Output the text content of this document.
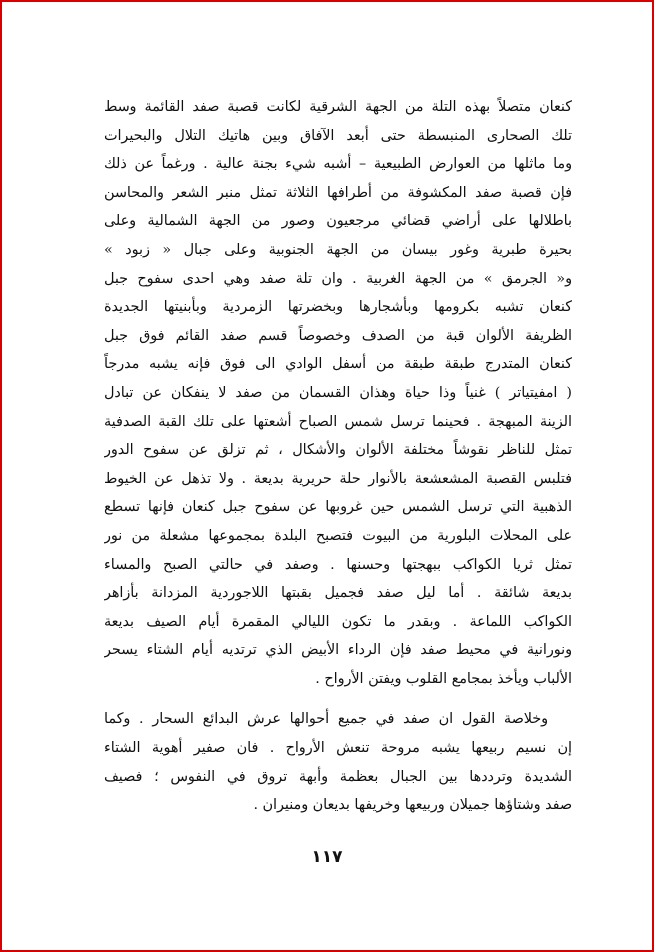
كنعان متصلاً بهذه التلة من الجهة الشرقية لكانت قصبة صفد القائمة وسط

تلك الصحارى المنبسطة حتى أبعد الآفاق وبين هاتيك التلال والبحيرات

وما ماثلها من العوارض الطبيعية – أشبه شيء بجنة عالية . ورغماً عن ذلك

فإن قصبة صفد المكشوفة من أطرافها الثلاثة تمثل منبر الشعر والمحاسن

باطلالها على أراضي قضائي مرجعيون وصور من الجهة الشمالية وعلى

بحيرة طبرية وغور بيسان من الجهة الجنوبية وعلى جبال « زبود »

و« الجرمق » من الجهة الغربية . وان تلة صفد وهي احدى سفوح جبل

كنعان تشبه بكرومها وبأشجارها وبخضرتها الزمردية وبأبنيتها الجديدة

الظريفة الألوان قبة من الصدف وخصوصاً قسم صفد القائم فوق جبل

كنعان المتدرج طبقة طبقة من أسفل الوادي الى فوق فإنه يشبه مدرجاً

( امفيتياتر ) غنياً وذا حياة وهذان القسمان من صفد لا ينفكان عن تبادل

الزينة المبهجة . فحينما ترسل شمس الصباح أشعتها على تلك القبة الصدفية

تمثل للناظر نقوشاً مختلفة الألوان والأشكال ، ثم تزلق عن سفوح الدور

فتلبس القصبة المشعشعة بالأنوار حلة حريرية بديعة . ولا تذهل عن الخيوط

الذهبية التي ترسل الشمس حين غروبها عن سفوح جبل كنعان فإنها تسطع

على المحلات البلورية من البيوت فتصبح البلدة بمجموعها مشعلة من نور

تمثل ثريا الكواكب ببهجتها وحسنها . وصفد في حالتي الصبح والمساء

بديعة شائقة . أما ليل صفد فجميل بقبتها اللاجوردية المزدانة بأزاهر

الكواكب اللماعة . وبقدر ما تكون الليالي المقمرة أيام الصيف بديعة

ونورانية في محيط صفد فإن الرداء الأبيض الذي ترتديه أيام الشتاء يسحر

الألباب ويأخذ بمجامع القلوب ويفتن الأرواح .

وخلاصة القول ان صفد في جميع أحوالها عرش البدائع السحار . وكما

إن نسيم ربيعها يشبه مروحة تنعش الأرواح . فان صفير أهوية الشتاء

الشديدة وترددها بين الجبال بعظمة وأبهة تروق في النفوس ؛ فصيف

صفد وشتاؤها جميلان وربيعها وخريفها بديعان ومنيران .

١١٧
